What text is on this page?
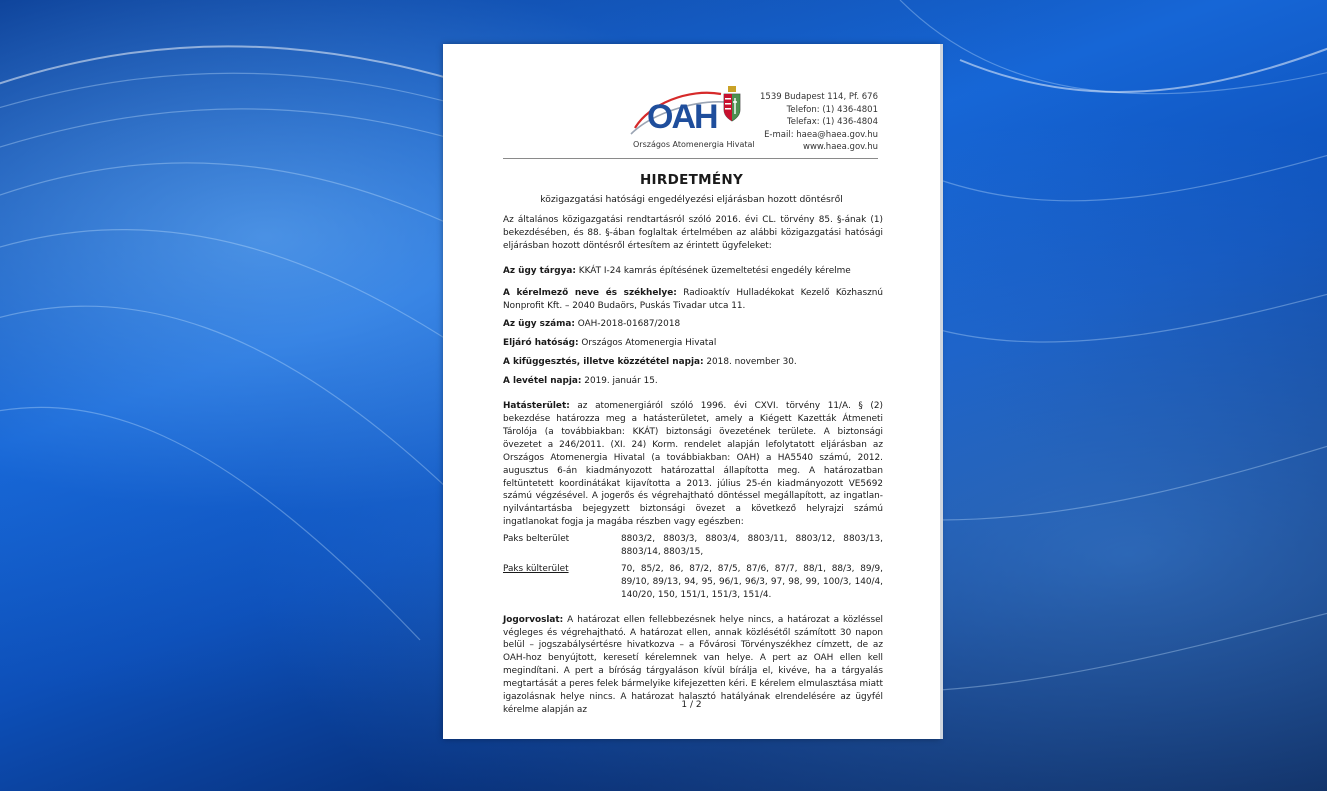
OAH
Országos Atomenergia Hivatal
1539 Budapest 114, Pf. 676
Telefon: (1) 436-4801
Telefax: (1) 436-4804
E-mail: haea@haea.gov.hu
www.haea.gov.hu
HIRDETMÉNY
közigazgatási hatósági engedélyezési eljárásban hozott döntésről

Az általános közigazgatási rendtartásról szóló 2016. évi CL. törvény 85. §-ának (1) bekezdésében, és 88. §-ában foglaltak értelmében az alábbi közigazgatási hatósági eljárásban hozott döntésről értesítem az érintett ügyfeleket:

Az ügy tárgya: KKÁT I-24 kamrás építésének üzemeltetési engedély kérelme

A kérelmező neve és székhelye: Radioaktív Hulladékokat Kezelő Közhasznú Nonprofit Kft. – 2040 Budaörs, Puskás Tivadar utca 11.

Az ügy száma: OAH-2018-01687/2018

Eljáró hatóság: Országos Atomenergia Hivatal

A kifüggesztés, illetve közzététel napja: 2018. november 30.

A levétel napja: 2019. január 15.

Hatásterület: az atomenergiáról szóló 1996. évi CXVI. törvény 11/A. § (2) bekezdése határozza meg a hatásterületet, amely a Kiégett Kazetták Átmeneti Tárolója (a továbbiakban: KKÁT) biztonsági övezetének területe. A biztonsági övezetet a 246/2011. (XI. 24) Korm. rendelet alapján lefolytatott eljárásban az Országos Atomenergia Hivatal (a továbbiakban: OAH) a HA5540 számú, 2012. augusztus 6-án kiadmányozott határozattal állapította meg. A határozatban feltüntetett koordinátákat kijavította a 2013. július 25-én kiadmányozott VE5692 számú végzésével. A jogerős és végrehajtható döntéssel megállapított, az ingatlan-nyilvántartásba bejegyzett biztonsági övezet a következő helyrajzi számú ingatlanokat fogja ja magába részben vagy egészben:

Paks belterület	8803/2, 8803/3, 8803/4, 8803/11, 8803/12, 8803/13, 8803/14, 8803/15,
Paks külterület	70, 85/2, 86, 87/2, 87/5, 87/6, 87/7, 88/1, 88/3, 89/9, 89/10, 89/13, 94, 95, 96/1, 96/3, 97, 98, 99, 100/3, 140/4, 140/20, 150, 151/1, 151/3, 151/4.

Jogorvoslat: A határozat ellen fellebbezésnek helye nincs, a határozat a közléssel végleges és végrehajtható. A határozat ellen, annak közlésétől számított 30 napon belül – jogszabálysértésre hivatkozva – a Fővárosi Törvényszékhez címzett, de az OAH-hoz benyújtott, keresetí kérelemnek van helye. A pert az OAH ellen kell megindítani. A pert a bíróság tárgyaláson kívül bírálja el, kivéve, ha a tárgyalás megtartását a peres felek bármelyike kifejezetten kéri. E kérelem elmulasztása miatt igazolásnak helye nincs. A határozat halasztó hatályának elrendelésére az ügyfél kérelme alapján az	1 / 2
